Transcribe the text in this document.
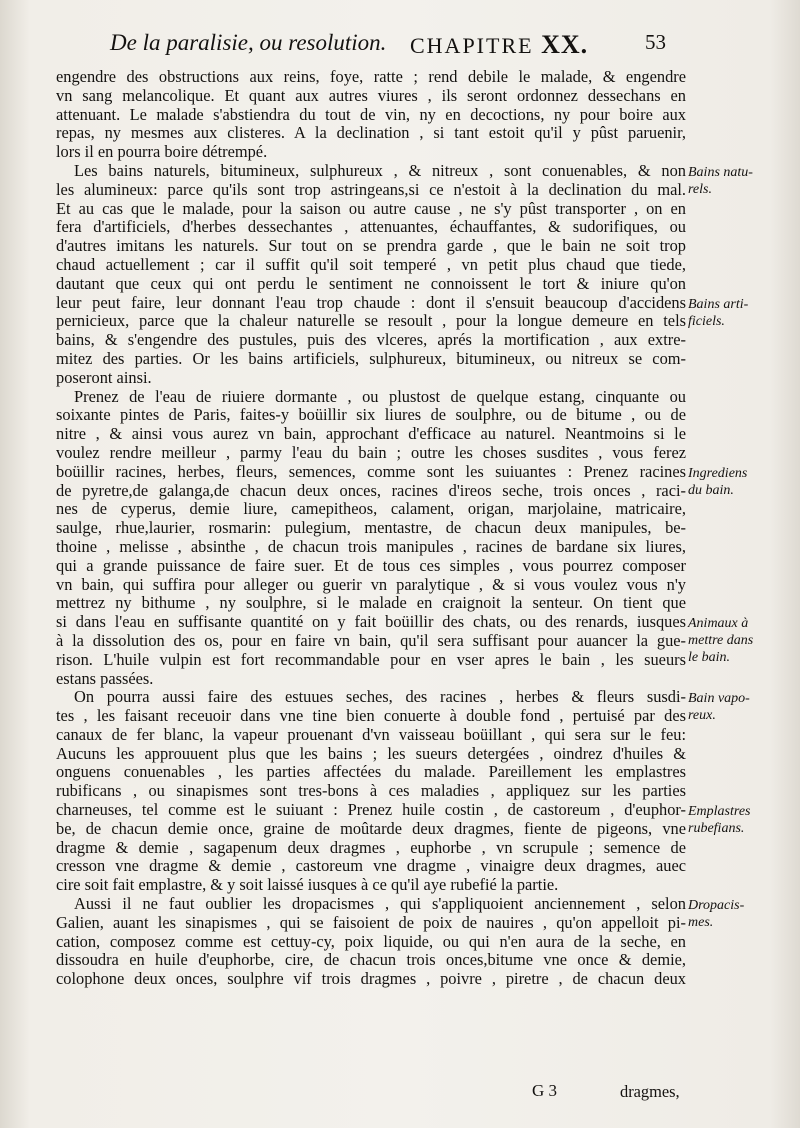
De la paralisie, ou resolution. CHAPITRE XX.	53
engendre des obstructions aux reins, foye, ratte ; rend debile le malade, & engendre
vn sang melancolique. Et quant aux autres viures , ils seront ordonnez dessechans en
attenuant. Le malade s'abstiendra du tout de vin, ny en decoctions, ny pour boire aux
repas, ny mesmes aux clisteres. A la declination , si tant estoit qu'il y pûst paruenir,
lors il en pourra boire détrempé.
Les bains naturels, bitumineux, sulphureux , & nitreux , sont conuenables, & non
les alumineux: parce qu'ils sont trop astringeans,si ce n'estoit à la declination du mal.
Et au cas que le malade, pour la saison ou autre cause , ne s'y pûst transporter , on en
fera d'artificiels, d'herbes dessechantes , attenuantes, échauffantes, & sudorifiques, ou
d'autres imitans les naturels. Sur tout on se prendra garde , que le bain ne soit trop
chaud actuellement ; car il suffit qu'il soit temperé , vn petit plus chaud que tiede,
dautant que ceux qui ont perdu le sentiment ne connoissent le tort & iniure qu'on
leur peut faire, leur donnant l'eau trop chaude : dont il s'ensuit beaucoup d'accidens
pernicieux, parce que la chaleur naturelle se resoult , pour la longue demeure en tels
bains, & s'engendre des pustules, puis des vlceres, aprés la mortification , aux extre-
mitez des parties. Or les bains artificiels, sulphureux, bitumineux, ou nitreux se com-
poseront ainsi.
Prenez de l'eau de riuiere dormante , ou plustost de quelque estang, cinquante ou
soixante pintes de Paris, faites-y boüillir six liures de soulphre, ou de bitume , ou de
nitre , & ainsi vous aurez vn bain, approchant d'efficace au naturel. Neantmoins si le
voulez rendre meilleur , parmy l'eau du bain ; outre les choses susdites , vous ferez
boüillir racines, herbes, fleurs, semences, comme sont les suiuantes : Prenez racines
de pyretre,de galanga,de chacun deux onces, racines d'ireos seche, trois onces , raci-
nes de cyperus, demie liure, camepitheos, calament, origan, marjolaine, matricaire,
saulge, rhue,laurier, rosmarin: pulegium, mentastre, de chacun deux manipules, be-
thoine , melisse , absinthe , de chacun trois manipules , racines de bardane six liures,
qui a grande puissance de faire suer. Et de tous ces simples , vous pourrez composer
vn bain, qui suffira pour alleger ou guerir vn paralytique , & si vous voulez vous n'y
mettrez ny bithume , ny soulphre, si le malade en craignoit la senteur. On tient que
si dans l'eau en suffisante quantité on y fait boüillir des chats, ou des renards, iusques
à la dissolution des os, pour en faire vn bain, qu'il sera suffisant pour auancer la gue-
rison. L'huile vulpin est fort recommandable pour en vser apres le bain , les sueurs
estans passées.
On pourra aussi faire des estuues seches, des racines , herbes & fleurs susdi-
tes , les faisant receuoir dans vne tine bien conuerte à double fond , pertuisé par des
canaux de fer blanc, la vapeur prouenant d'vn vaisseau boüillant , qui sera sur le feu:
Aucuns les approuuent plus que les bains ; les sueurs detergées , oindrez d'huiles &
onguens conuenables , les parties affectées du malade. Pareillement les emplastres
rubificans , ou sinapismes sont tres-bons à ces maladies , appliquez sur les parties
charneuses, tel comme est le suiuant : Prenez huile costin , de castoreum , d'euphor-
be, de chacun demie once, graine de moûtarde deux dragmes, fiente de pigeons, vne
dragme & demie , sagapenum deux dragmes , euphorbe , vn scrupule ; semence de
cresson vne dragme & demie , castoreum vne dragme , vinaigre deux dragmes, auec
cire soit fait emplastre, & y soit laissé iusques à ce qu'il aye rubefié la partie.
Aussi il ne faut oublier les dropacismes , qui s'appliquoient anciennement , selon
Galien, auant les sinapismes , qui se faisoient de poix de nauires , qu'on appelloit pi-
cation, composez comme est cettuy-cy, poix liquide, ou qui n'en aura de la seche, en
dissoudra en huile d'euphorbe, cire, de chacun trois onces,bitume vne once & demie,
colophone deux onces, soulphre vif trois dragmes , poivre , piretre , de chacun deux
Bains natu-
rels.
Bains arti-
ficiels.
Ingrediens
du bain.
Animaux à
mettre dans
le bain.
Bain vapo-
reux.
Emplastres
rubefians.
Dropacis-
mes.
G 3	dragmes,
